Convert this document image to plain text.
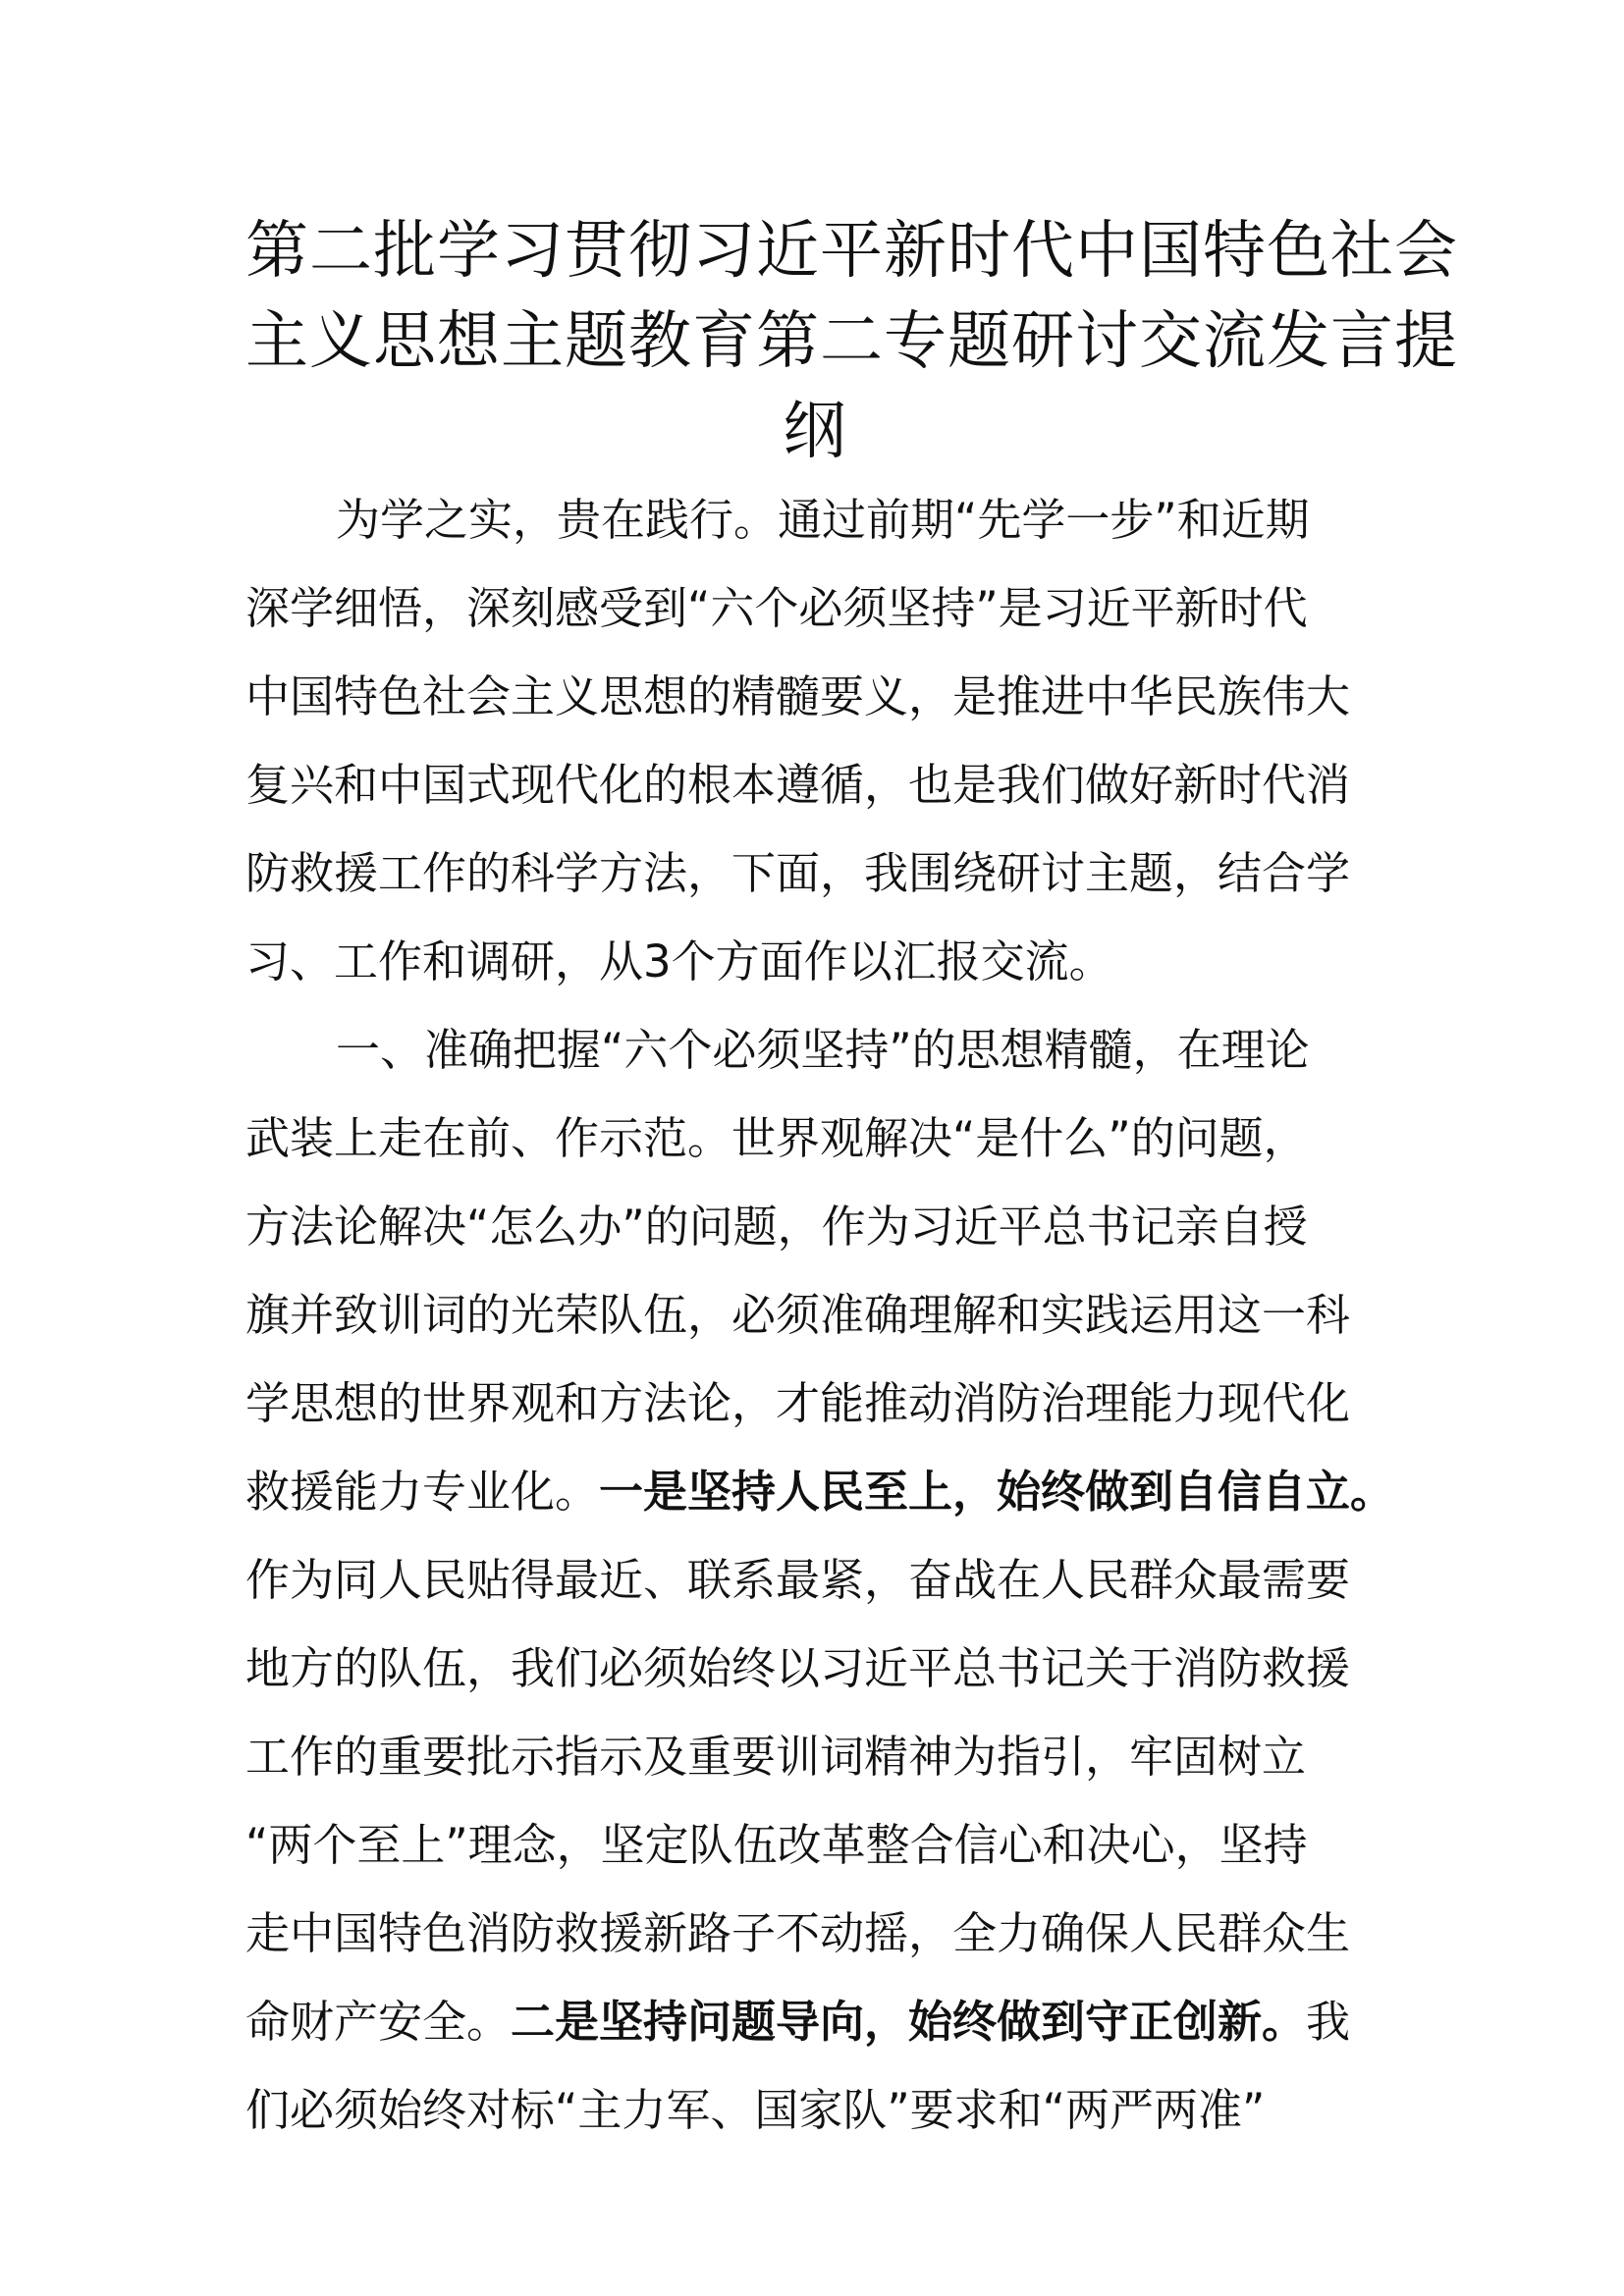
第二批学习贯彻习近平新时代中国特色社会
主义思想主题教育第二专题研讨交流发言提
纲
为学之实，贵在践行。通过前期“先学一步”和近期
深学细悟，深刻感受到“六个必须坚持”是习近平新时代
中国特色社会主义思想的精髓要义，是推进中华民族伟大
复兴和中国式现代化的根本遵循，也是我们做好新时代消
防救援工作的科学方法，下面，我围绕研讨主题，结合学
习、工作和调研，从3个方面作以汇报交流。
一、准确把握“六个必须坚持”的思想精髓，在理论
武装上走在前、作示范。世界观解决“是什么”的问题，
方法论解决“怎么办”的问题，作为习近平总书记亲自授
旗并致训词的光荣队伍，必须准确理解和实践运用这一科
学思想的世界观和方法论，才能推动消防治理能力现代化
救援能力专业化。一是坚持人民至上，始终做到自信自立。
作为同人民贴得最近、联系最紧，奋战在人民群众最需要
地方的队伍，我们必须始终以习近平总书记关于消防救援
工作的重要批示指示及重要训词精神为指引，牢固树立
“两个至上”理念，坚定队伍改革整合信心和决心，坚持
走中国特色消防救援新路子不动摇，全力确保人民群众生
命财产安全。二是坚持问题导向，始终做到守正创新。我
们必须始终对标“主力军、国家队”要求和“两严两准”
